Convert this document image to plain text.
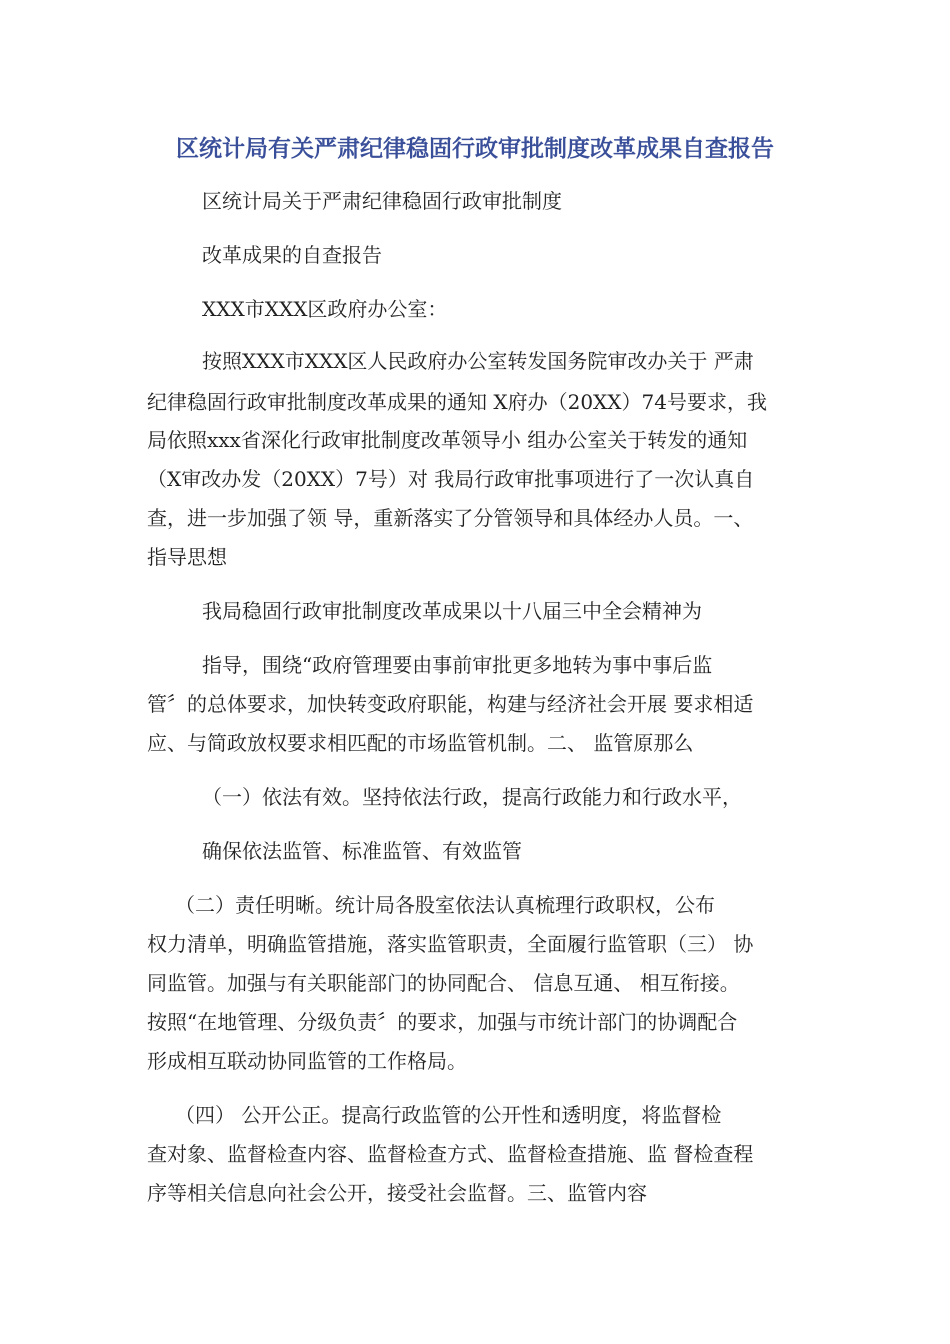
区统计局有关严肃纪律稳固行政审批制度改革成果自查报告
区统计局关于严肃纪律稳固行政审批制度
改革成果的自查报告
XXX市XXX区政府办公室：
按照XXX市XXX区人民政府办公室转发国务院审改办关于 严肃
纪律稳固行政审批制度改革成果的通知 X府办（20XX）74号要求，我
局依照xxx省深化行政审批制度改革领导小 组办公室关于转发的通知
（X审改办发（20XX）7号）对 我局行政审批事项进行了一次认真自
查，进一步加强了领 导，重新落实了分管领导和具体经办人员。一、
指导思想
我局稳固行政审批制度改革成果以十八届三中全会精神为
指导，围绕“政府管理要由事前审批更多地转为事中事后监
管〞的总体要求，加快转变政府职能，构建与经济社会开展 要求相适
应、与简政放权要求相匹配的市场监管机制。二、 监管原那么
（一）依法有效。坚持依法行政，提高行政能力和行政水平，
确保依法监管、标准监管、有效监管
（二）责任明晰。统计局各股室依法认真梳理行政职权，公布
权力清单，明确监管措施，落实监管职责，全面履行监管职（三） 协
同监管。加强与有关职能部门的协同配合、 信息互通、 相互衔接。
按照“在地管理、分级负责〞的要求，加强与市统计部门的协调配合
形成相互联动协同监管的工作格局。
（四） 公开公正。提高行政监管的公开性和透明度，将监督检
查对象、监督检查内容、监督检查方式、监督检查措施、监 督检查程
序等相关信息向社会公开，接受社会监督。三、监管内容
